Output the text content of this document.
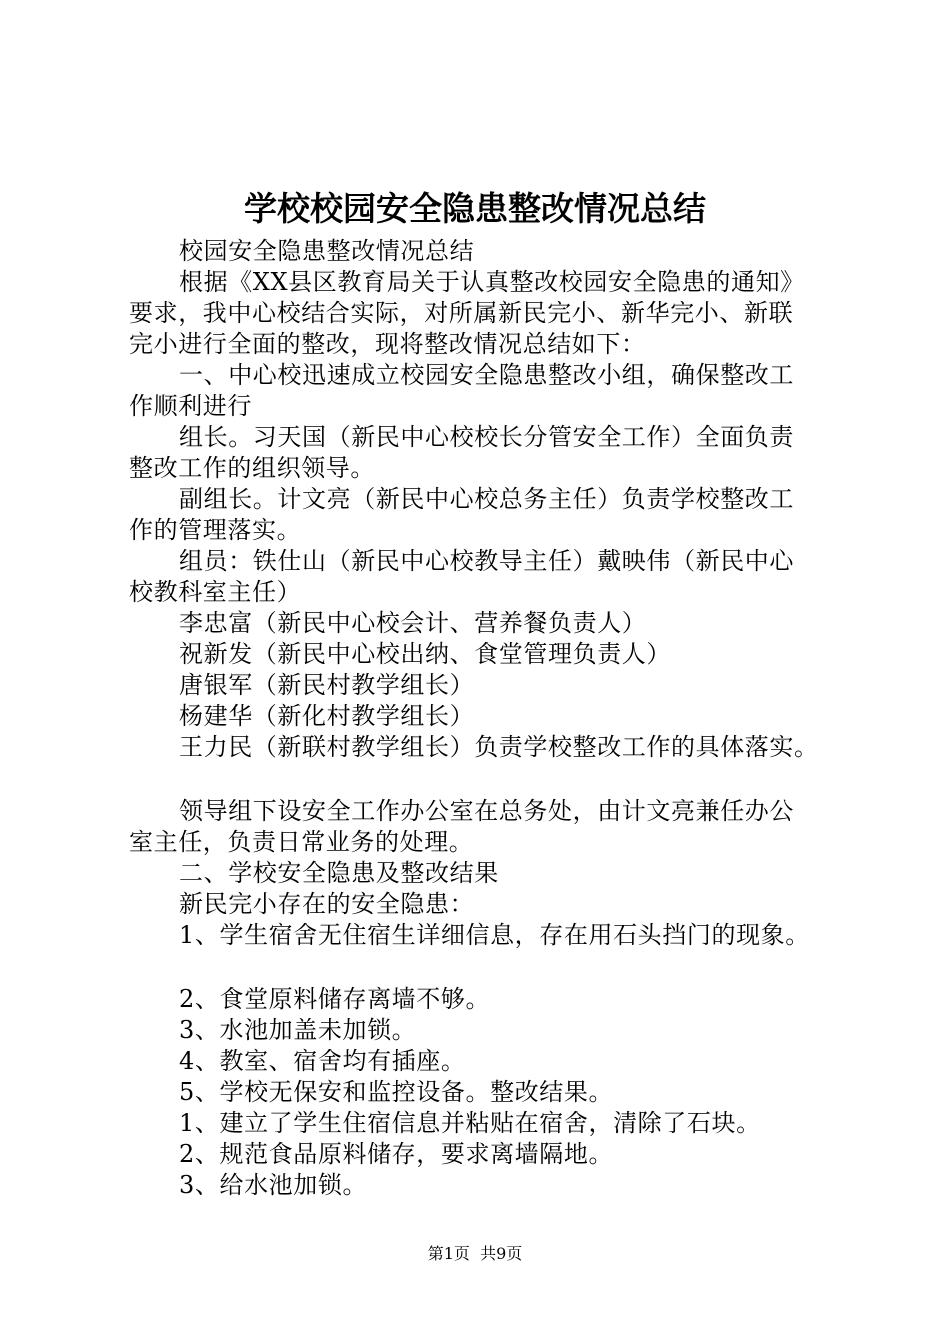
学校校园安全隐患整改情况总结
校园安全隐患整改情况总结
根据《XX县区教育局关于认真整改校园安全隐患的通知》
要求，我中心校结合实际，对所属新民完小、新华完小、新联
完小进行全面的整改，现将整改情况总结如下：
一、中心校迅速成立校园安全隐患整改小组，确保整改工
作顺利进行
组长。习天国（新民中心校校长分管安全工作）全面负责
整改工作的组织领导。
副组长。计文亮（新民中心校总务主任）负责学校整改工
作的管理落实。
组员：铁仕山（新民中心校教导主任）戴映伟（新民中心
校教科室主任）
李忠富（新民中心校会计、营养餐负责人）
祝新发（新民中心校出纳、食堂管理负责人）
唐银军（新民村教学组长）
杨建华（新化村教学组长）
王力民（新联村教学组长）负责学校整改工作的具体落实。
领导组下设安全工作办公室在总务处，由计文亮兼任办公
室主任，负责日常业务的处理。
二、学校安全隐患及整改结果
新民完小存在的安全隐患：
1、学生宿舍无住宿生详细信息，存在用石头挡门的现象。
2、食堂原料储存离墙不够。
3、水池加盖未加锁。
4、教室、宿舍均有插座。
5、学校无保安和监控设备。整改结果。
1、建立了学生住宿信息并粘贴在宿舍，清除了石块。
2、规范食品原料储存，要求离墙隔地。
3、给水池加锁。
第1页  共9页
